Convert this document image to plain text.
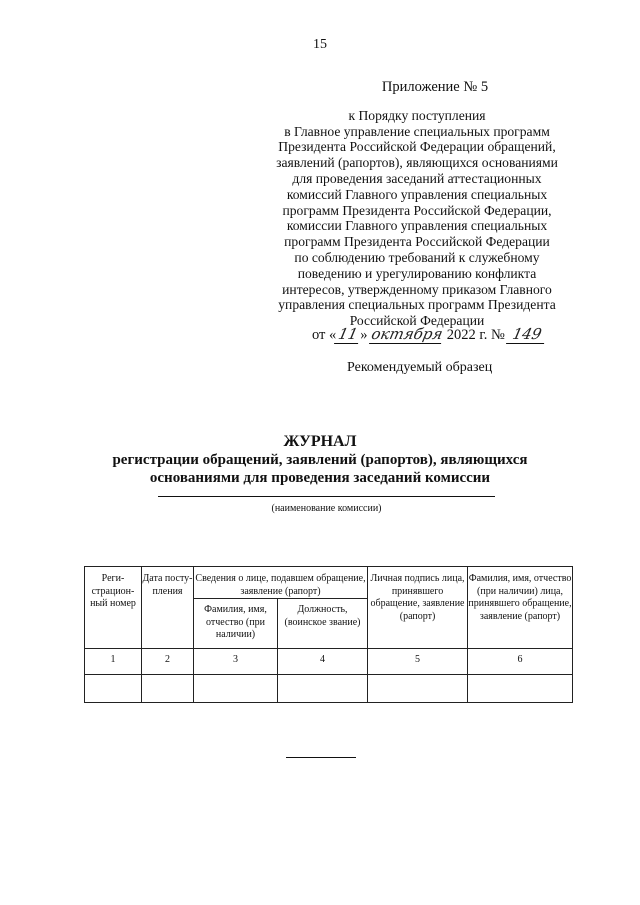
15
Приложение № 5
к Порядку поступления
в Главное управление специальных программ
Президента Российской Федерации обращений,
заявлений (рапортов), являющихся основаниями
для проведения заседаний аттестационных
комиссий Главного управления специальных
программ Президента Российской Федерации,
комиссии Главного управления специальных
программ Президента Российской Федерации
по соблюдению требований к служебному
поведению и урегулированию конфликта
интересов, утвержденному приказом Главного
управления специальных программ Президента
Российской Федерации
от «11» октября 2022 г. № 149
Рекомендуемый образец
ЖУРНАЛ
регистрации обращений, заявлений (рапортов), являющихся
основаниями для проведения заседаний комиссии
(наименование комиссии)
Реги-страцион-ный номер	Дата посту-пления	Сведения о лице, подавшем обращение, заявление (рапорт)		Личная подпись лица, принявшего обращение, заявление (рапорт)	Фамилия, имя, отчество (при наличии) лица, принявшего обращение, заявление (рапорт)
		Фамилия, имя, отчество (при наличии)	Должность, (воинское звание)		
1	2	3	4	5	6
